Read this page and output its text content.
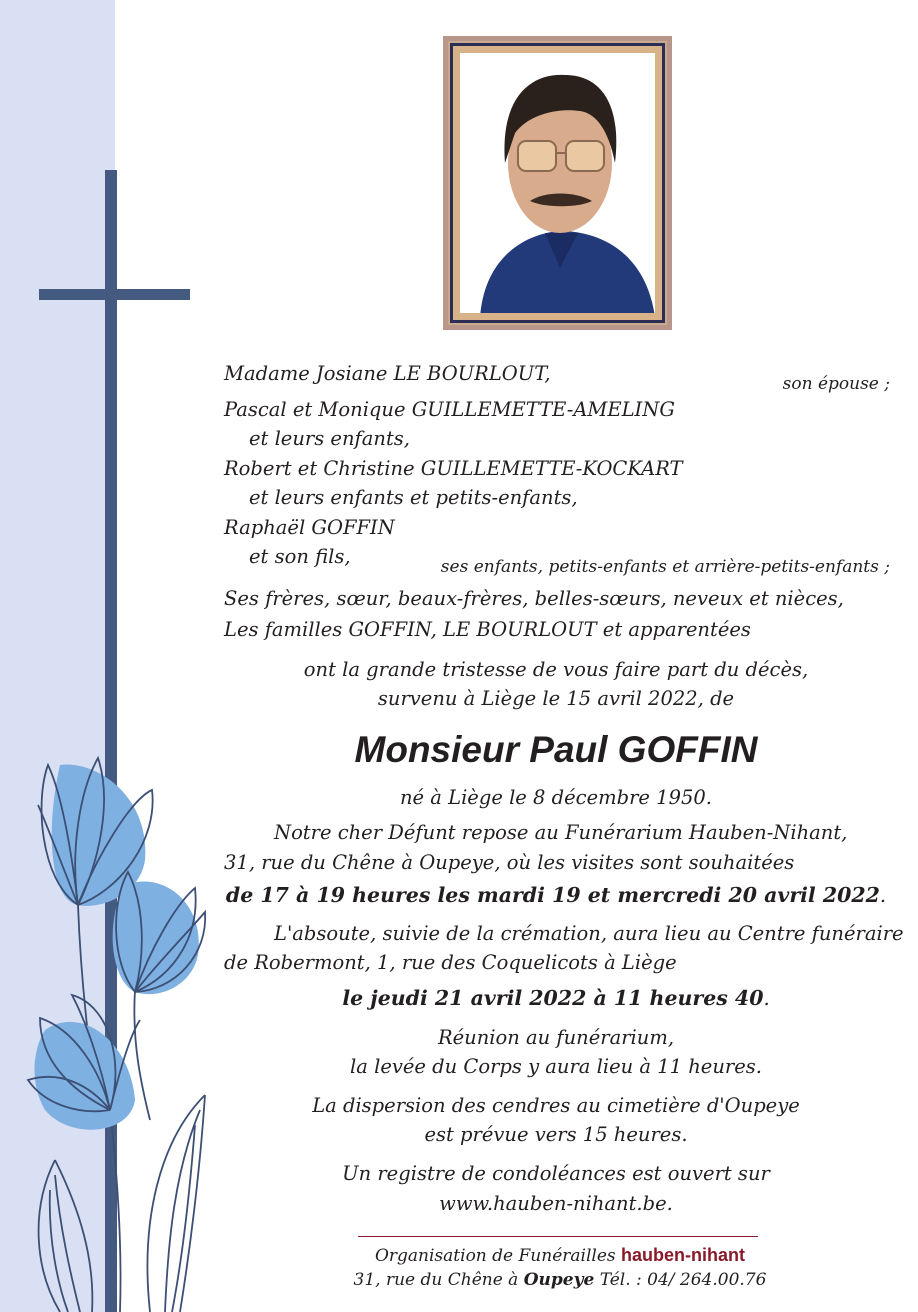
Madame Josiane LE BOURLOUT,	son épouse ;
Pascal et Monique GUILLEMETTE-AMELING
et leurs enfants,
Robert et Christine GUILLEMETTE-KOCKART
et leurs enfants et petits-enfants,
Raphaël GOFFIN
et son fils,	ses enfants, petits-enfants et arrière-petits-enfants ;
Ses frères, sœur, beaux-frères, belles-sœurs, neveux et nièces,
Les familles GOFFIN, LE BOURLOUT et apparentées
ont la grande tristesse de vous faire part du décès,
survenu à Liège le 15 avril 2022, de
Monsieur Paul GOFFIN
né à Liège le 8 décembre 1950.
Notre cher Défunt repose au Funérarium Hauben-Nihant,
31, rue du Chêne à Oupeye, où les visites sont souhaitées
de 17 à 19 heures les mardi 19 et mercredi 20 avril 2022.
L'absoute, suivie de la crémation, aura lieu au Centre funéraire
de Robermont, 1, rue des Coquelicots à Liège
le jeudi 21 avril 2022 à 11 heures 40.
Réunion au funérarium,
la levée du Corps y aura lieu à 11 heures.
La dispersion des cendres au cimetière d'Oupeye
est prévue vers 15 heures.
Un registre de condoléances est ouvert sur
www.hauben-nihant.be.
Organisation de Funérailles hauben-nihant
31, rue du Chêne à Oupeye Tél. : 04/ 264.00.76
